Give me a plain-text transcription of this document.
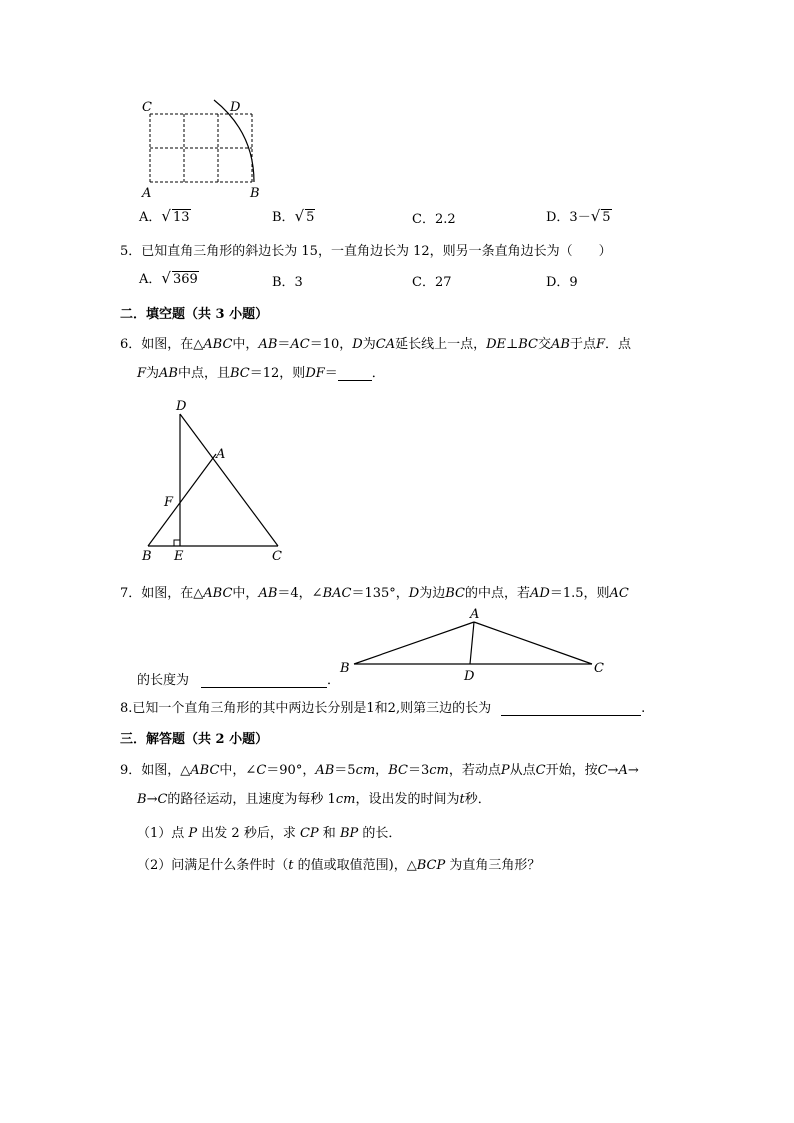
C	D
A	B
A．√ 13	B．√ 5	C．2.2	D．3－√ 5
5．已知直角三角形的斜边长为 15，一直角边长为 12，则另一条直角边长为（　　）
A．√ 369	B．3	C．27	D．9
二．填空题（共 3 小题）
6．如图，在△ABC中，AB＝AC＝10，D为CA延长线上一点，DE⊥BC交AB于点F．点
F为AB中点，且BC＝12，则DF＝	．
D
A
F
B E	C
7．如图，在△ABC中，AB＝4，∠BAC＝135°，D为边BC的中点，若AD＝1.5，则AC
A
B
D
C
的长度为	．
8.已知一个直角三角形的其中两边长分别是1和2,则第三边的长为	.
三．解答题（共 2 小题）
9．如图，△ABC中，∠C＝90°，AB＝5cm，BC＝3cm，若动点P从点C开始，按C→A→
B→C的路径运动，且速度为每秒 1cm，设出发的时间为t秒．
（1）点 P 出发 2 秒后，求 CP 和 BP 的长．
（2）问满足什么条件时（t 的值或取值范围)，△BCP 为直角三角形？
